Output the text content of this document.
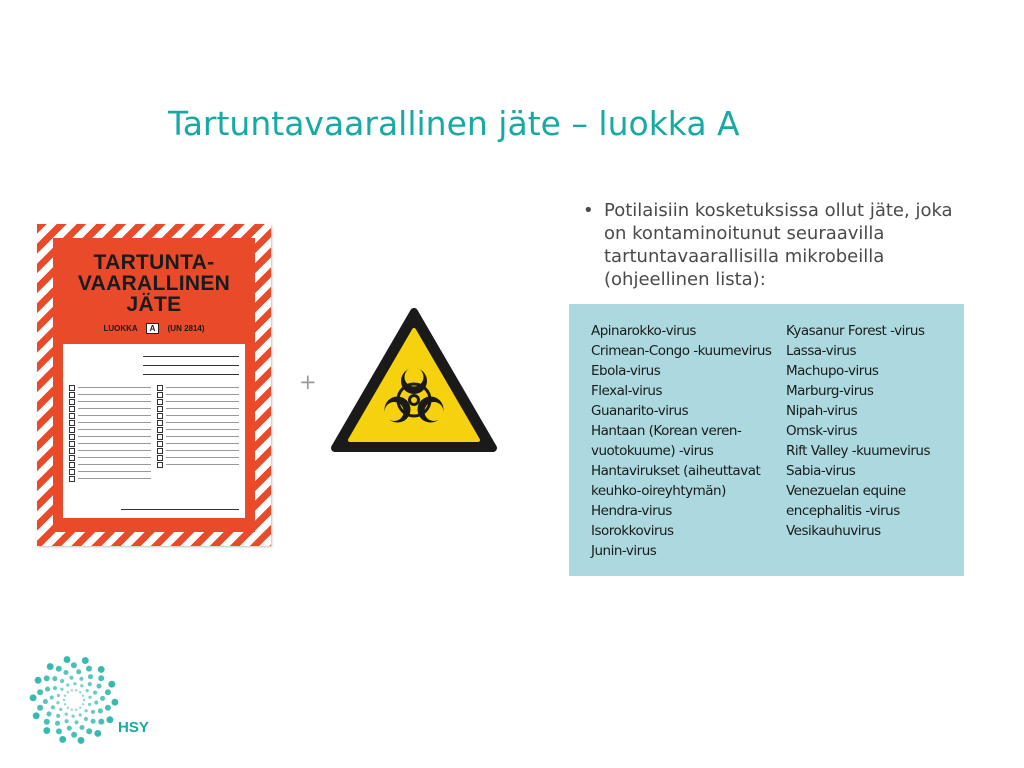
Tartuntavaarallinen jäte – luokka A
TARTUNTA-
VAARALLINEN
JÄTE
LUOKKA A (UN 2814)
+
• Potilaisiin kosketuksissa ollut jäte, joka on kontaminoitunut seuraavilla tartuntavaarallisilla mikrobeilla (ohjeellinen lista):
Apinarokko-virus
Crimean-Congo -kuumevirus
Ebola-virus
Flexal-virus
Guanarito-virus
Hantaan (Korean veren-
vuotokuume) -virus
Hantavirukset (aiheuttavat
keuhko-oireyhtymän)
Hendra-virus
Isorokkovirus
Junin-virus
Kyasanur Forest -virus
Lassa-virus
Machupo-virus
Marburg-virus
Nipah-virus
Omsk-virus
Rift Valley -kuumevirus
Sabia-virus
Venezuelan equine
encephalitis -virus
Vesikauhuvirus
HSY
